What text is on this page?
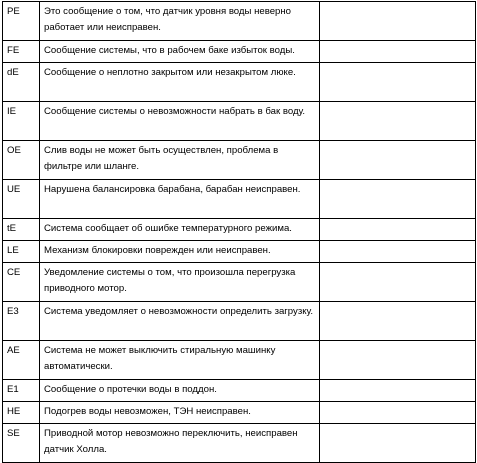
PE	Это сообщение о том, что датчик уровня воды неверно работает или неисправен.	
FE	Сообщение системы, что в рабочем баке избыток воды.	
dE	Сообщение о неплотно закрытом или незакрытом люке.	
IE	Сообщение системы о невозможности набрать в бак воду.	
OE	Слив воды не может быть осуществлен, проблема в фильтре или шланге.	
UE	Нарушена балансировка барабана, барабан неисправен.	
tE	Система сообщает об ошибке температурного режима.	
LE	Механизм блокировки поврежден или неисправен.	
CE	Уведомление системы о том, что произошла перегрузка приводного мотор.	
E3	Система уведомляет о невозможности определить загрузку.	
AE	Система не может выключить стиральную машинку автоматически.	
E1	Сообщение о протечки воды в поддон.	
HE	Подогрев воды невозможен, ТЭН неисправен.	
SE	Приводной мотор невозможно переключить, неисправен датчик Холла.	
